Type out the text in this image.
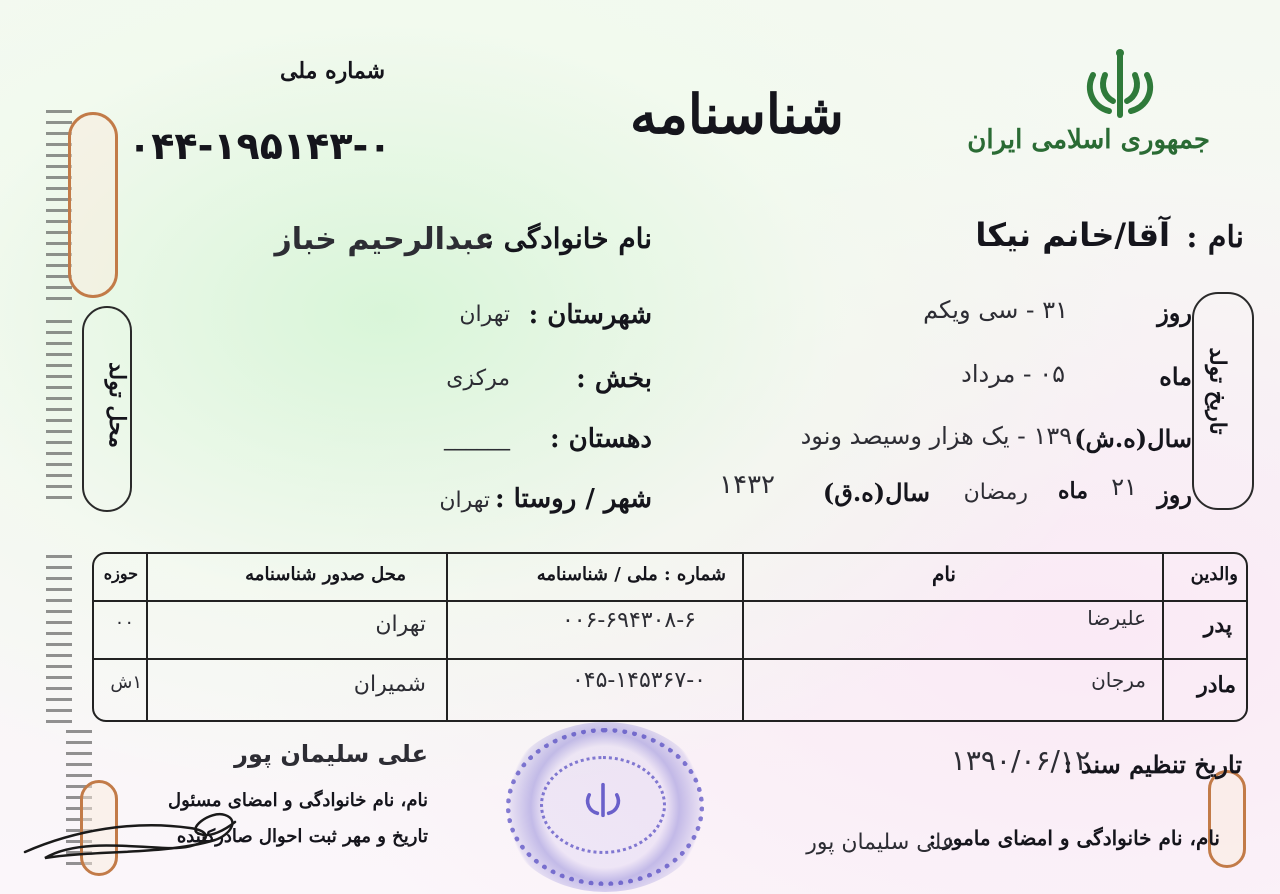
جمهوری اسلامی ایران
شناسنامه
شماره ملی
۰۴۴-۱۹۵۱۴۳-۰
نام :
آقا/خانم نیکا
نام خانوادگی :
عبدالرحیم خباز
تاریخ تولد
روز
۳۱ - سی ویکم
ماه
۰۵ - مرداد
سال(ه.ش)
۱۳۹۰ - یک هزار وسیصد ونود
روز
۲۱
ماه
رمضان
سال(ه.ق)
۱۴۳۲
محل تولد
شهرستان :
تهران
بخش :
مرکزی
دهستان :
______
شهر / روستا :
تهران
والدین
نام
شماره : ملی / شناسنامه
محل صدور شناسنامه
حوزه
پدر
علیرضا
۰۰۶-۶۹۴۳۰۸-۶
تهران
۰۰
مادر
مرجان
۰۴۵-۱۴۵۳۶۷-۰
شمیران
۱ش
تاریخ تنظیم سند :
۱۳۹۰/۰۶/۱۲
نام، نام خانوادگی و امضای مامور :
علی سلیمان پور
علی سلیمان پور
نام، نام خانوادگی و امضای مسئول
تاریخ و مهر ثبت احوال صادرکننده
